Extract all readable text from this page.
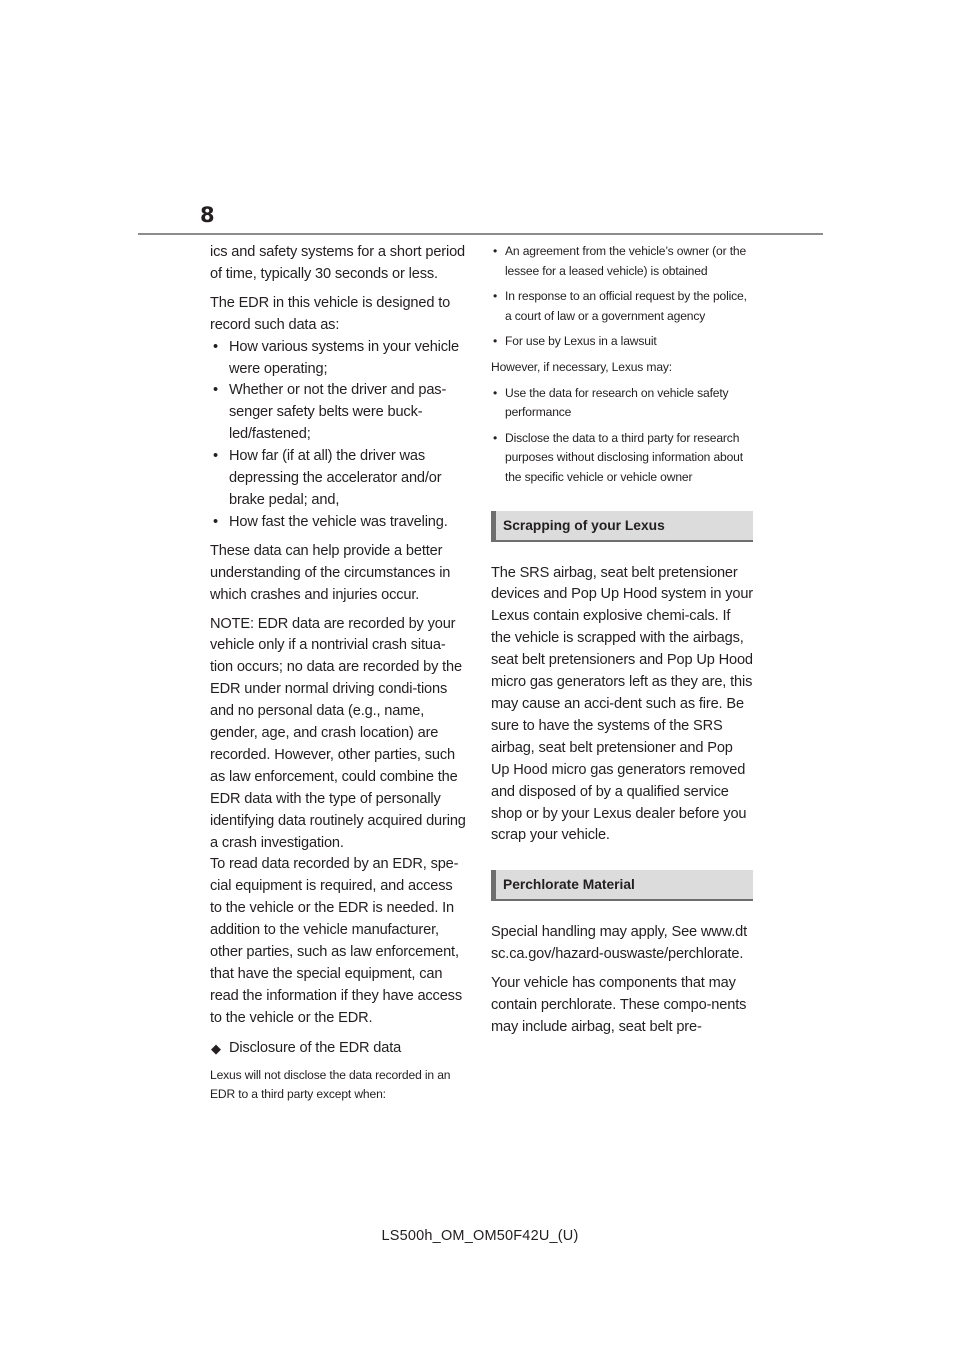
8

ics and safety systems for a short period of time, typically 30 seconds or less.

The EDR in this vehicle is designed to record such data as:

• How various systems in your vehicle were operating;
• Whether or not the driver and pas-senger safety belts were buck-led/fastened;
• How far (if at all) the driver was depressing the accelerator and/or brake pedal; and,
• How fast the vehicle was traveling.

These data can help provide a better understanding of the circumstances in which crashes and injuries occur.

NOTE: EDR data are recorded by your vehicle only if a nontrivial crash situa-tion occurs; no data are recorded by the EDR under normal driving condi-tions and no personal data (e.g., name, gender, age, and crash location) are recorded. However, other parties, such as law enforcement, could combine the EDR data with the type of personally identifying data routinely acquired during a crash investigation.

To read data recorded by an EDR, spe-cial equipment is required, and access to the vehicle or the EDR is needed. In addition to the vehicle manufacturer, other parties, such as law enforcement, that have the special equipment, can read the information if they have access to the vehicle or the EDR.

◆ Disclosure of the EDR data

Lexus will not disclose the data recorded in an EDR to a third party except when:

• An agreement from the vehicle’s owner (or the lessee for a leased vehicle) is obtained
• In response to an official request by the police, a court of law or a government agency
• For use by Lexus in a lawsuit

However, if necessary, Lexus may:

• Use the data for research on vehicle safety performance
• Disclose the data to a third party for research purposes without disclosing information about the specific vehicle or vehicle owner
Scrapping of your Lexus

The SRS airbag, seat belt pretensioner devices and Pop Up Hood system in your Lexus contain explosive chemi-cals. If the vehicle is scrapped with the airbags, seat belt pretensioners and Pop Up Hood micro gas generators left as they are, this may cause an acci-dent such as fire. Be sure to have the systems of the SRS airbag, seat belt pretensioner and Pop Up Hood micro gas generators removed and disposed of by a qualified service shop or by your Lexus dealer before you scrap your vehicle.

Perchlorate Material

Special handling may apply, See www.dtsc.ca.gov/hazard-ouswaste/perchlorate.

Your vehicle has components that may contain perchlorate. These compo-nents may include airbag, seat belt pre-

LS500h_OM_OM50F42U_(U)
